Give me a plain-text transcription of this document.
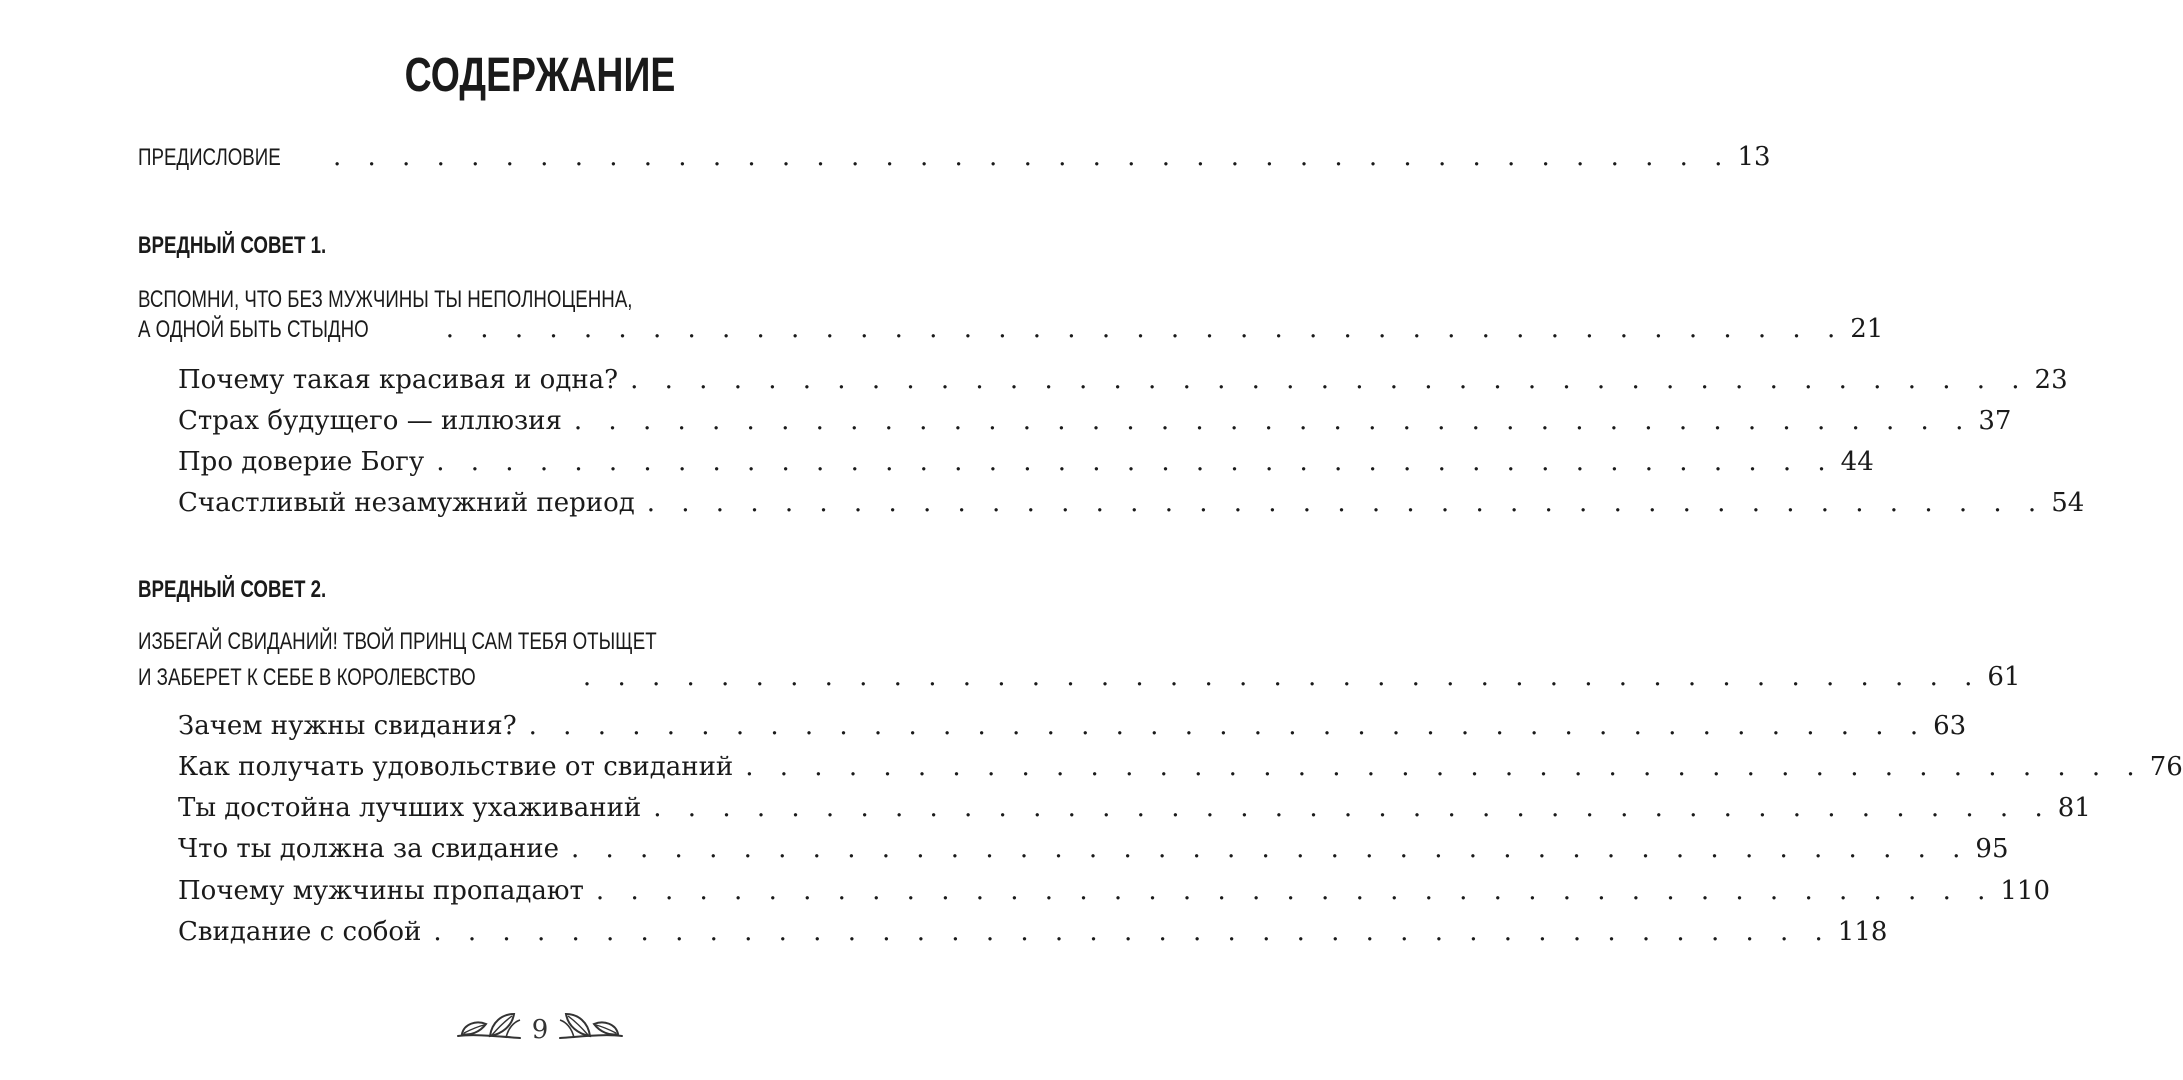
СОДЕРЖАНИЕ
ПРЕДИСЛОВИЕ	. . . . . . . . . . . . . . . . . . . . . . . . . . . . . . . . . . . . . . . . . 13
ВРЕДНЫЙ СОВЕТ 1.
ВСПОМНИ, ЧТО БЕЗ МУЖЧИНЫ ТЫ НЕПОЛНОЦЕННА,
А ОДНОЙ БЫТЬ СТЫДНО	. . . . . . . . . . . . . . . . . . . . . . . . . . . . . . . . . . . . . . . . . 21
Почему такая красивая и одна? . . . . . . . . . . . . . . . . . . . . . . . . . . . . . . . . . . . . . . . . . 23
Страх будущего — иллюзия . . . . . . . . . . . . . . . . . . . . . . . . . . . . . . . . . . . . . . . . . 37
Про доверие Богу . . . . . . . . . . . . . . . . . . . . . . . . . . . . . . . . . . . . . . . . . 44
Счастливый незамужний период . . . . . . . . . . . . . . . . . . . . . . . . . . . . . . . . . . . . . . . . . 54
ВРЕДНЫЙ СОВЕТ 2.
ИЗБЕГАЙ СВИДАНИЙ! ТВОЙ ПРИНЦ САМ ТЕБЯ ОТЫЩЕТ
И ЗАБЕРЕТ К СЕБЕ В КОРОЛЕВСТВО	. . . . . . . . . . . . . . . . . . . . . . . . . . . . . . . . . . . . . . . . . 61
Зачем нужны свидания? . . . . . . . . . . . . . . . . . . . . . . . . . . . . . . . . . . . . . . . . . 63
Как получать удовольствие от свиданий . . . . . . . . . . . . . . . . . . . . . . . . . . . . . . . . . . . . . . . . . 76
Ты достойна лучших ухаживаний . . . . . . . . . . . . . . . . . . . . . . . . . . . . . . . . . . . . . . . . . 81
Что ты должна за свидание . . . . . . . . . . . . . . . . . . . . . . . . . . . . . . . . . . . . . . . . . 95
Почему мужчины пропадают . . . . . . . . . . . . . . . . . . . . . . . . . . . . . . . . . . . . . . . . . 110
Свидание с собой . . . . . . . . . . . . . . . . . . . . . . . . . . . . . . . . . . . . . . . . . 118
9
